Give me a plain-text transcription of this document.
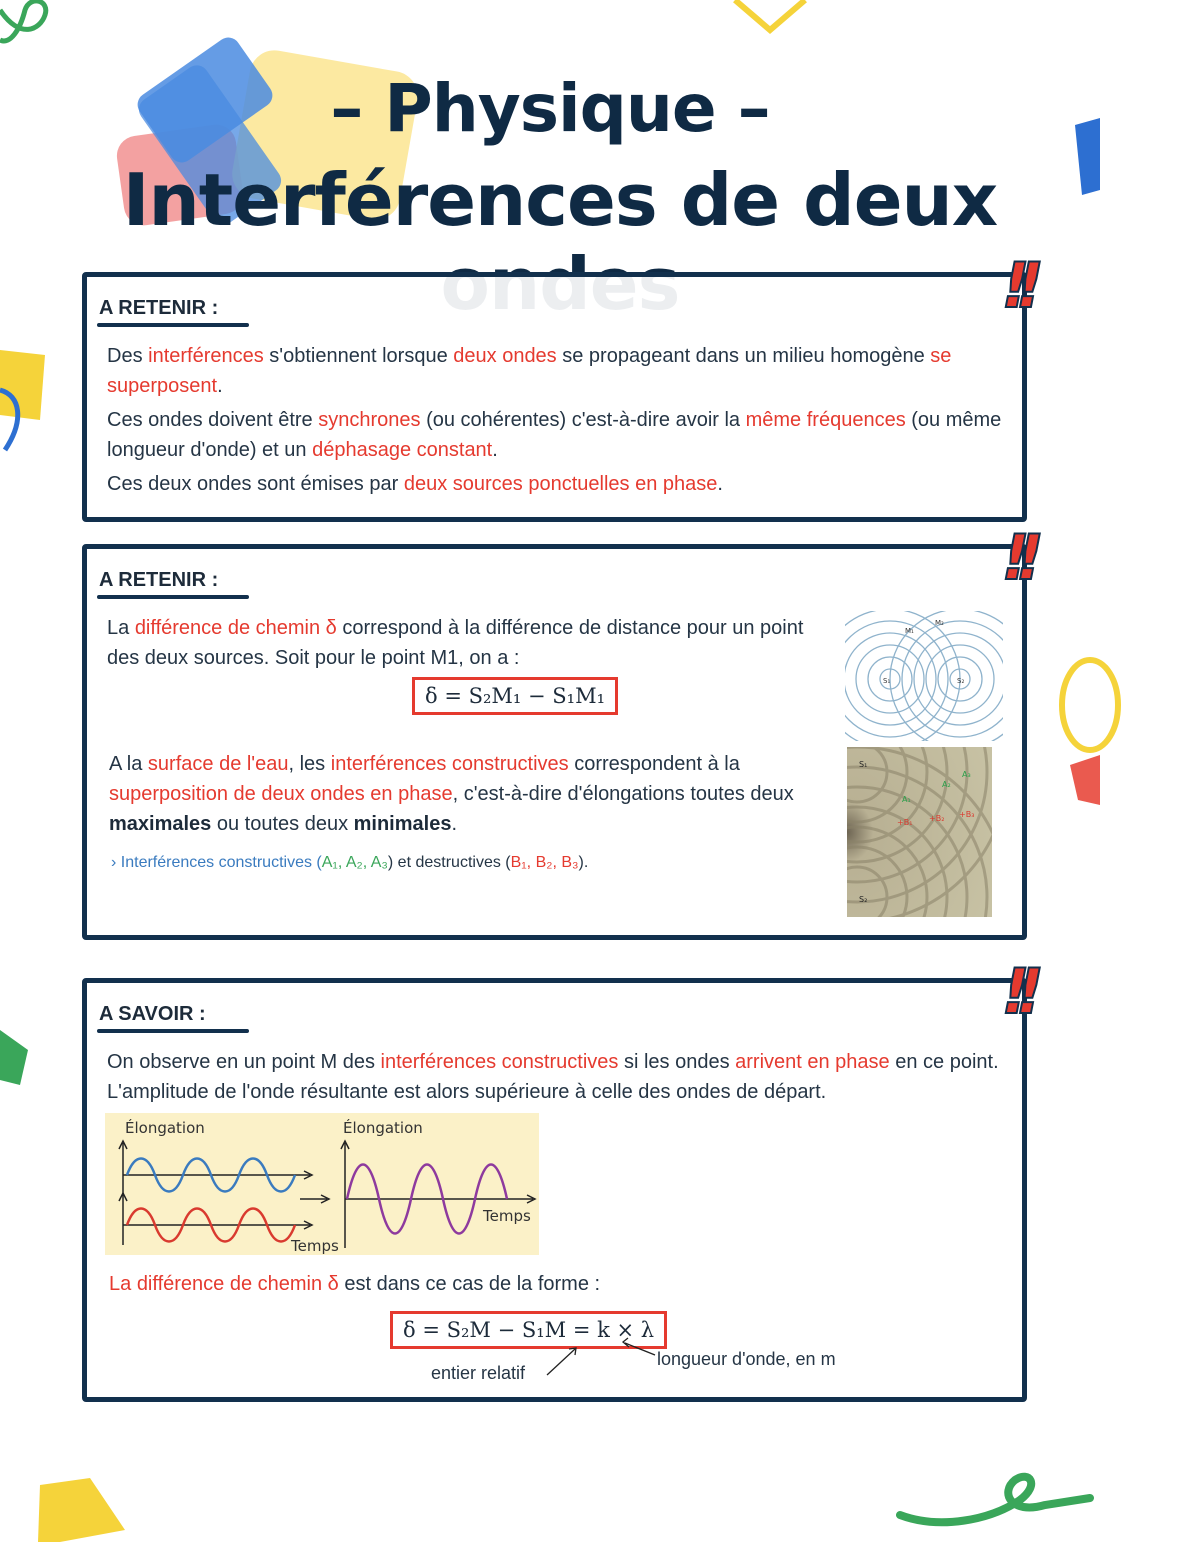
– Physique –
Interférences de deux
A RETENIR :	!!
Des interférences s'obtiennent lorsque deux ondes se propageant dans un milieu homogène se superposent.
Ces ondes doivent être synchrones (ou cohérentes) c'est-à-dire avoir la même fréquences (ou même longueur d'onde) et un déphasage constant.
Ces deux ondes sont émises par deux sources ponctuelles en phase.
A RETENIR :	!!
La différence de chemin δ correspond à la différence de distance pour un point des deux sources. Soit pour le point M1, on a :
δ = S₂M₁ − S₁M₁
A la surface de l'eau, les interférences constructives correspondent à la superposition de deux ondes en phase, c'est-à-dire d'élongations toutes deux maximales ou toutes deux minimales.
› Interférences constructives (A₁, A₂, A₃) et destructives (B₁, B₂, B₃).
S₁	S₂
M₁
M₂
S₁
S₂
A₁
A₂
A₃
+B₁ +B₂ +B₃
A SAVOIR :	!!
On observe en un point M des interférences constructives si les ondes arrivent en phase en ce point. L'amplitude de l'onde résultante est alors supérieure à celle des ondes de départ.
Élongation	Élongation
Temps
Temps
La différence de chemin δ est dans ce cas de la forme :
δ = S₂M − S₁M = k × λ
entier relatif
longueur d'onde, en m
